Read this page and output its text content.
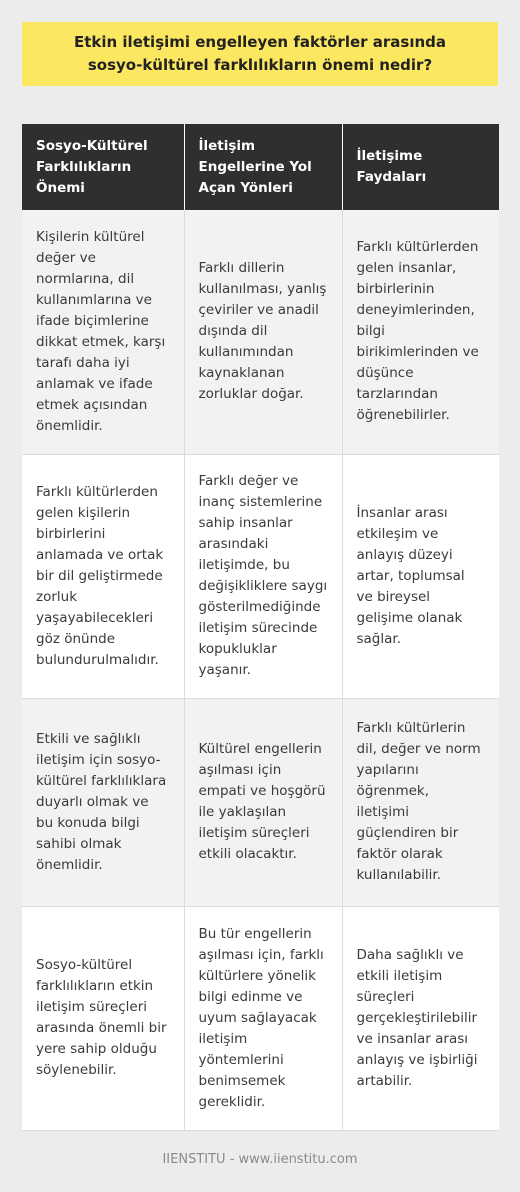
Etkin iletişimi engelleyen faktörler arasında sosyo-kültürel farklılıkların önemi nedir?
Sosyo-Kültürel Farklılıkların Önemi	İletişim Engellerine Yol Açan Yönleri	İletişime Faydaları
Kişilerin kültürel değer ve normlarına, dil kullanımlarına ve ifade biçimlerine dikkat etmek, karşı tarafı daha iyi anlamak ve ifade etmek açısından önemlidir.	Farklı dillerin kullanılması, yanlış çeviriler ve anadil dışında dil kullanımından kaynaklanan zorluklar doğar.	Farklı kültürlerden gelen insanlar, birbirlerinin deneyimlerinden, bilgi birikimlerinden ve düşünce tarzlarından öğrenebilirler.
Farklı kültürlerden gelen kişilerin birbirlerini anlamada ve ortak bir dil geliştirmede zorluk yaşayabilecekleri göz önünde bulundurulmalıdır.	Farklı değer ve inanç sistemlerine sahip insanlar arasındaki iletişimde, bu değişikliklere saygı gösterilmediğinde iletişim sürecinde kopukluklar yaşanır.	İnsanlar arası etkileşim ve anlayış düzeyi artar, toplumsal ve bireysel gelişime olanak sağlar.
Etkili ve sağlıklı iletişim için sosyo-kültürel farklılıklara duyarlı olmak ve bu konuda bilgi sahibi olmak önemlidir.	Kültürel engellerin aşılması için empati ve hoşgörü ile yaklaşılan iletişim süreçleri etkili olacaktır.	Farklı kültürlerin dil, değer ve norm yapılarını öğrenmek, iletişimi güçlendiren bir faktör olarak kullanılabilir.
Sosyo-kültürel farklılıkların etkin iletişim süreçleri arasında önemli bir yere sahip olduğu söylenebilir.	Bu tür engellerin aşılması için, farklı kültürlere yönelik bilgi edinme ve uyum sağlayacak iletişim yöntemlerini benimsemek gereklidir.	Daha sağlıklı ve etkili iletişim süreçleri gerçekleştirilebilir ve insanlar arası anlayış ve işbirliği artabilir.
IIENSTITU - www.iienstitu.com
